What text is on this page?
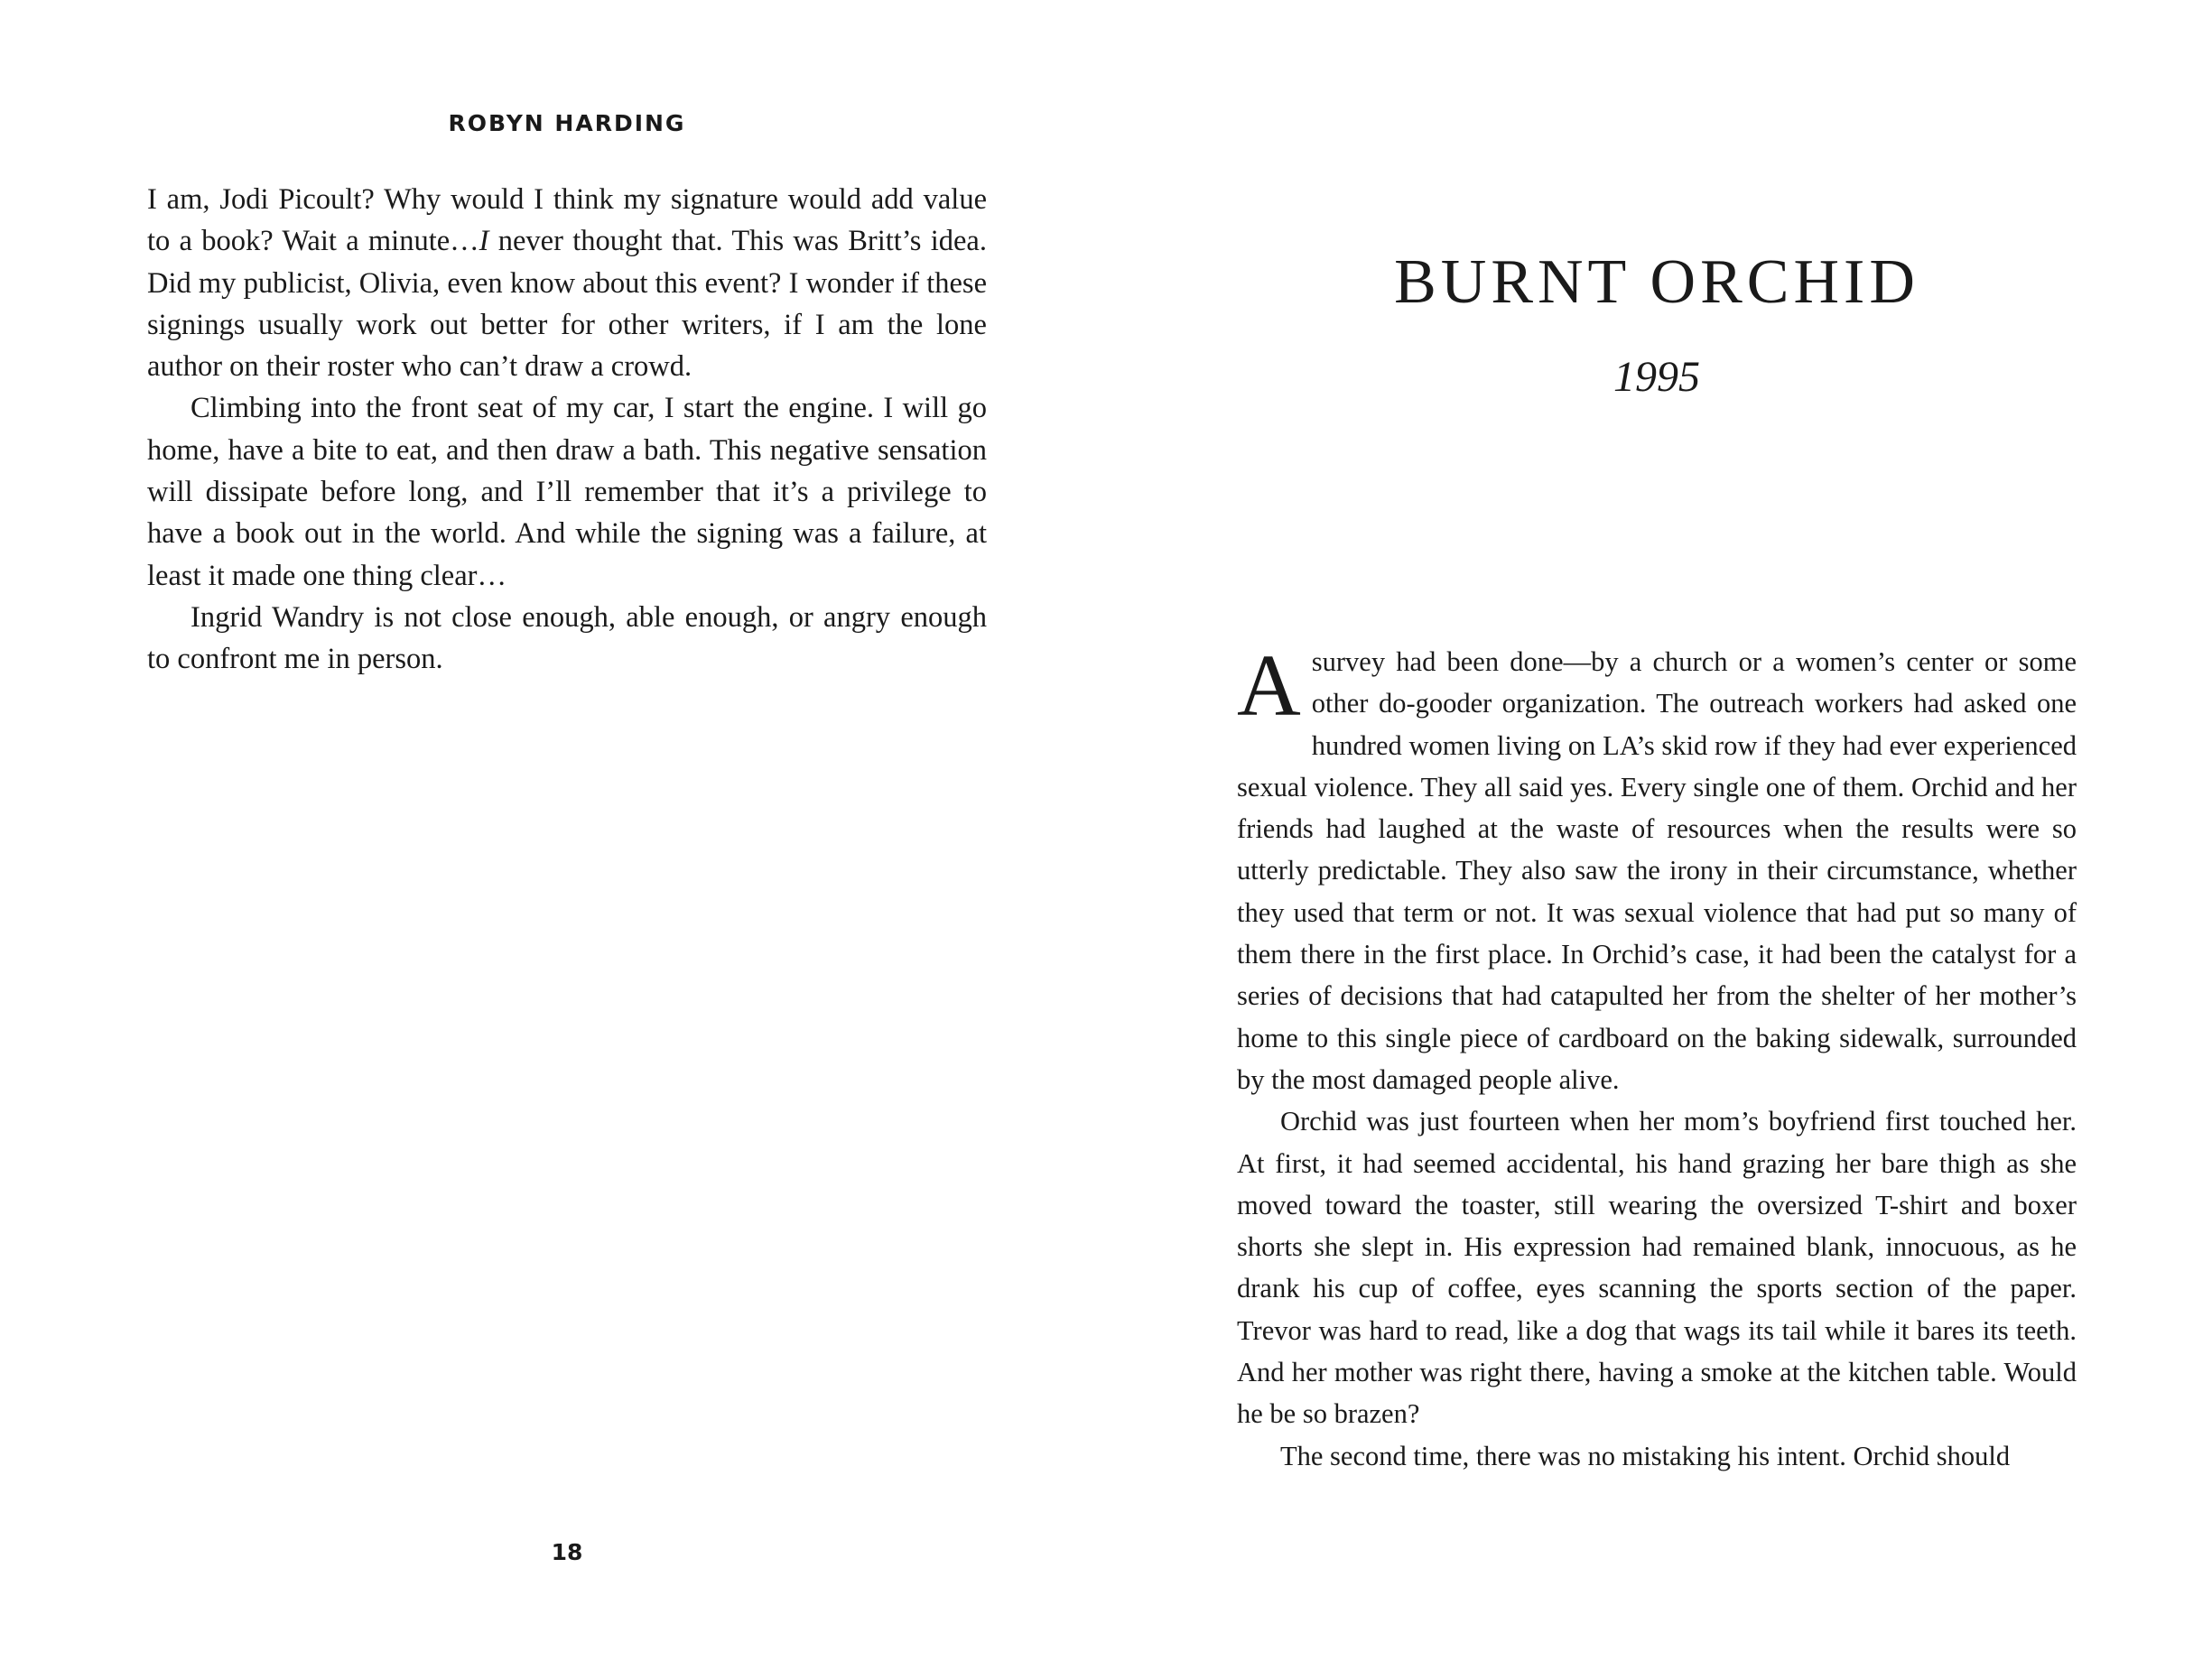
ROBYN HARDING

I am, Jodi Picoult? Why would I think my signature would add value to a book? Wait a minute…I never thought that. This was Britt’s idea. Did my publicist, Olivia, even know about this event? I wonder if these signings usually work out better for other writers, if I am the lone author on their roster who can’t draw a crowd.

Climbing into the front seat of my car, I start the engine. I will go home, have a bite to eat, and then draw a bath. This negative sensation will dissipate before long, and I’ll remember that it’s a privilege to have a book out in the world. And while the signing was a failure, at least it made one thing clear…

Ingrid Wandry is not close enough, able enough, or angry enough to confront me in person.

18
BURNT ORCHID
1995

A survey had been done—by a church or a women’s center or some other do-gooder organization. The outreach workers had asked one hundred women living on LA’s skid row if they had ever experienced sexual violence. They all said yes. Every single one of them. Orchid and her friends had laughed at the waste of resources when the results were so utterly predictable. They also saw the irony in their circumstance, whether they used that term or not. It was sexual violence that had put so many of them there in the first place. In Orchid’s case, it had been the catalyst for a series of decisions that had catapulted her from the shelter of her mother’s home to this single piece of cardboard on the baking sidewalk, surrounded by the most damaged people alive.

Orchid was just fourteen when her mom’s boyfriend first touched her. At first, it had seemed accidental, his hand grazing her bare thigh as she moved toward the toaster, still wearing the oversized T-shirt and boxer shorts she slept in. His expression had remained blank, innocuous, as he drank his cup of coffee, eyes scanning the sports section of the paper. Trevor was hard to read, like a dog that wags its tail while it bares its teeth. And her mother was right there, having a smoke at the kitchen table. Would he be so brazen?

The second time, there was no mistaking his intent. Orchid should
